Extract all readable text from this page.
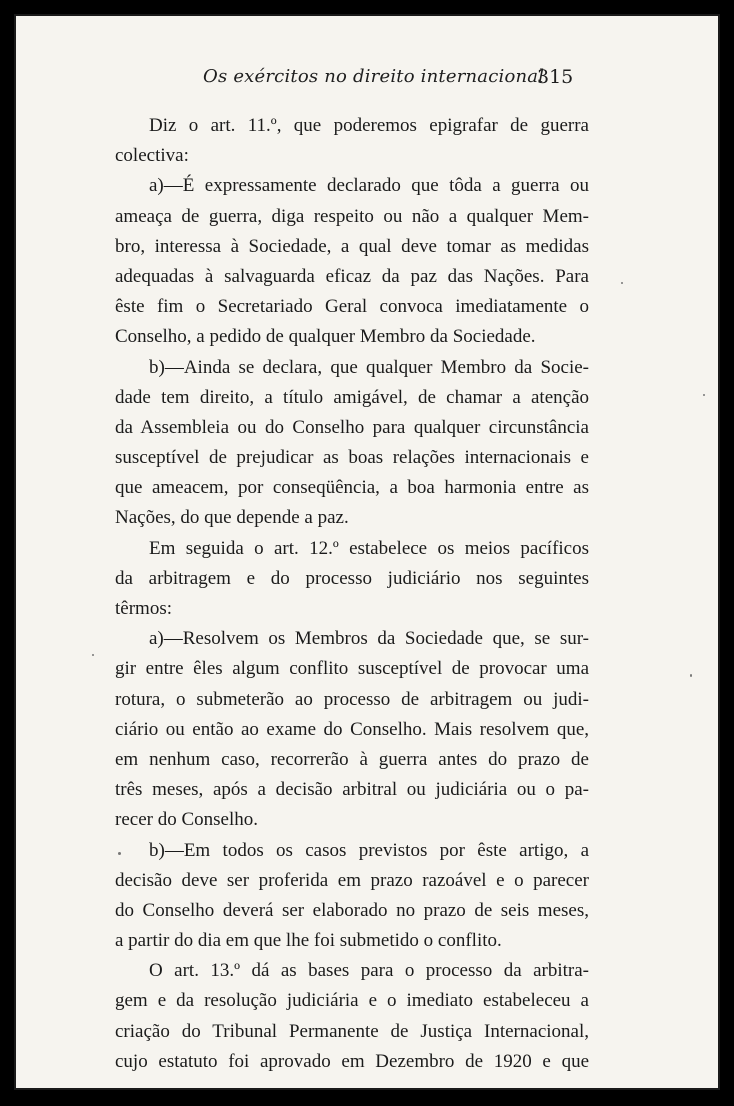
Os exércitos no direito internacional
315
Diz o art. 11.º, que poderemos epigrafar de guerra
colectiva:
a)—É expressamente declarado que tôda a guerra ou
ameaça de guerra, diga respeito ou não a qualquer Mem-
bro, interessa à Sociedade, a qual deve tomar as medidas
adequadas à salvaguarda eficaz da paz das Nações. Para
êste fim o Secretariado Geral convoca imediatamente o
Conselho, a pedido de qualquer Membro da Sociedade.
b)—Ainda se declara, que qualquer Membro da Socie-
dade tem direito, a título amigável, de chamar a atenção
da Assembleia ou do Conselho para qualquer circunstância
susceptível de prejudicar as boas relações internacionais e
que ameacem, por conseqüência, a boa harmonia entre as
Nações, do que depende a paz.
Em seguida o art. 12.º estabelece os meios pacíficos
da arbitragem e do processo judiciário nos seguintes
têrmos:
a)—Resolvem os Membros da Sociedade que, se sur-
gir entre êles algum conflito susceptível de provocar uma
rotura, o submeterão ao processo de arbitragem ou judi-
ciário ou então ao exame do Conselho. Mais resolvem que,
em nenhum caso, recorrerão à guerra antes do prazo de
três meses, após a decisão arbitral ou judiciária ou o pa-
recer do Conselho.
b)—Em todos os casos previstos por êste artigo, a
decisão deve ser proferida em prazo razoável e o parecer
do Conselho deverá ser elaborado no prazo de seis meses,
a partir do dia em que lhe foi submetido o conflito.
O art. 13.º dá as bases para o processo da arbitra-
gem e da resolução judiciária e o imediato estabeleceu a
criação do Tribunal Permanente de Justiça Internacional,
cujo estatuto foi aprovado em Dezembro de 1920 e que
